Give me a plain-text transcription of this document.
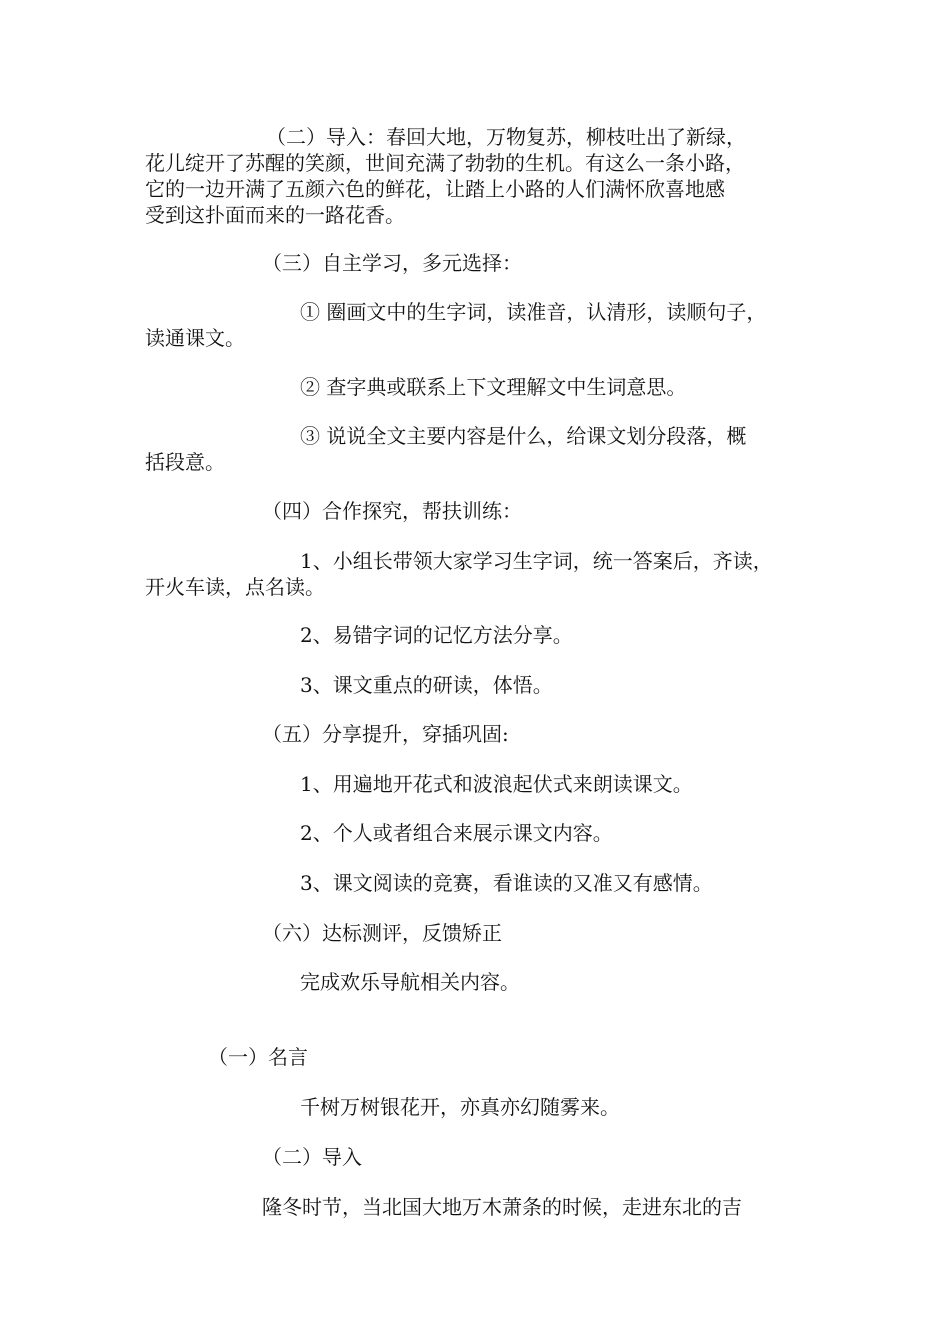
（二）导入：春回大地，万物复苏，柳枝吐出了新绿，

花儿绽开了苏醒的笑颜，世间充满了勃勃的生机。有这么一条小路，

它的一边开满了五颜六色的鲜花，让踏上小路的人们满怀欣喜地感

受到这扑面而来的一路花香。

（三）自主学习，多元选择：

① 圈画文中的生字词，读准音，认清形，读顺句子，

读通课文。

② 查字典或联系上下文理解文中生词意思。

③ 说说全文主要内容是什么，给课文划分段落，概

括段意。

（四）合作探究，帮扶训练：

1、小组长带领大家学习生字词，统一答案后，齐读，

开火车读，点名读。

2、易错字词的记忆方法分享。

3、课文重点的研读，体悟。

（五）分享提升，穿插巩固:

1、用遍地开花式和波浪起伏式来朗读课文。

2、个人或者组合来展示课文内容。

3、课文阅读的竞赛，看谁读的又准又有感情。

（六）达标测评，反馈矫正

完成欢乐导航相关内容。

（一）名言

千树万树银花开，亦真亦幻随雾来。

（二）导入

隆冬时节，当北国大地万木萧条的时候，走进东北的吉
